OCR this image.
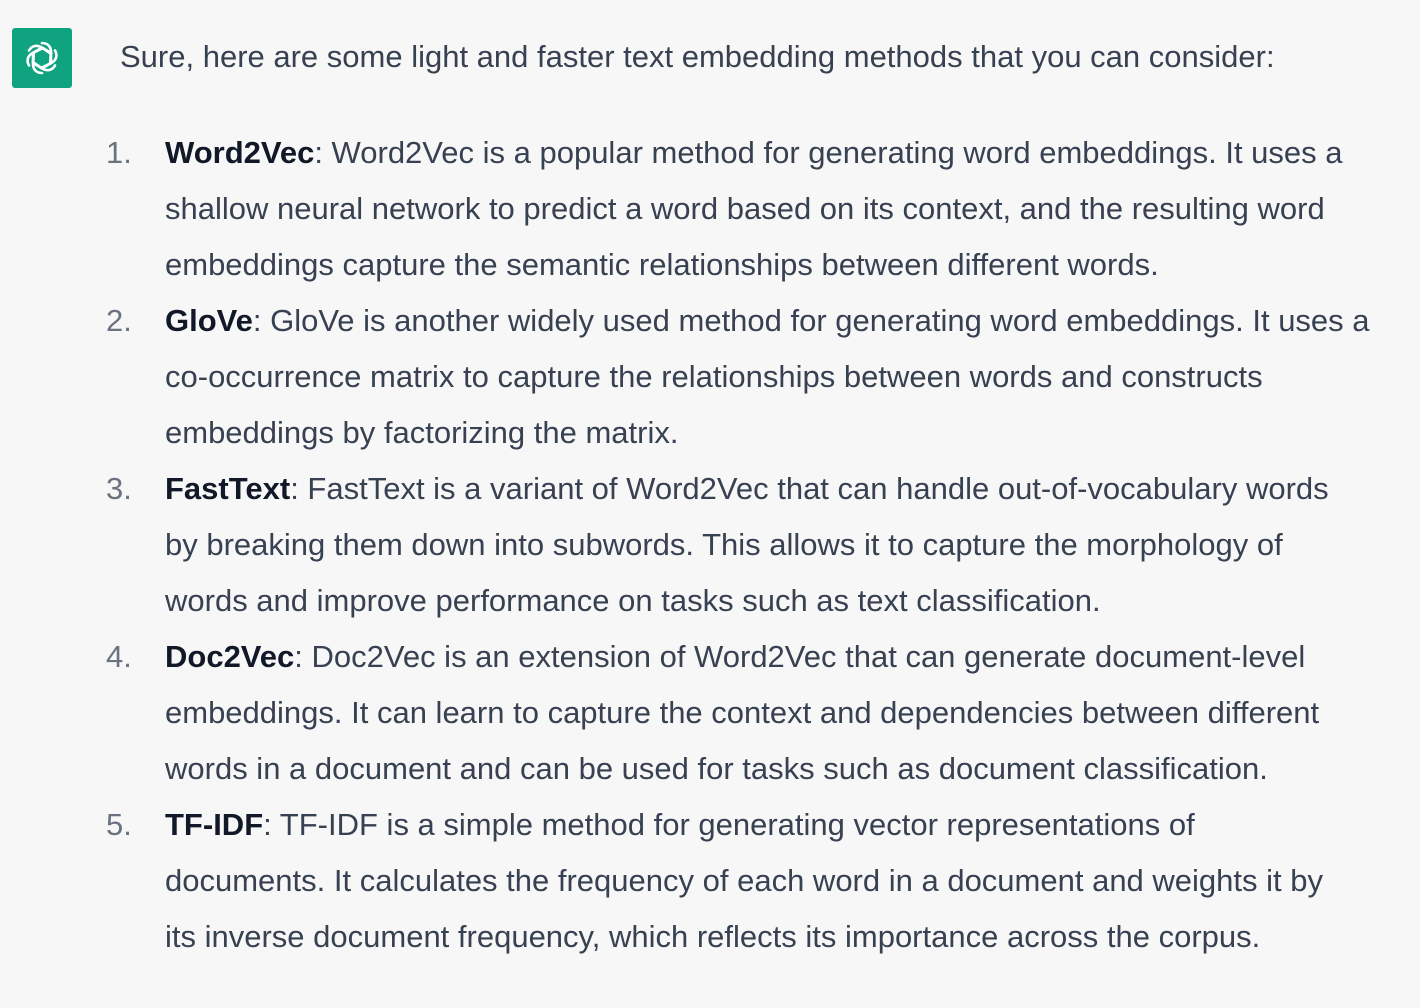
Sure, here are some light and faster text embedding methods that you can consider:

1. Word2Vec: Word2Vec is a popular method for generating word embeddings. It uses a
shallow neural network to predict a word based on its context, and the resulting word
embeddings capture the semantic relationships between different words.
2. GloVe: GloVe is another widely used method for generating word embeddings. It uses a
co-occurrence matrix to capture the relationships between words and constructs
embeddings by factorizing the matrix.
3. FastText: FastText is a variant of Word2Vec that can handle out-of-vocabulary words
by breaking them down into subwords. This allows it to capture the morphology of
words and improve performance on tasks such as text classification.
4. Doc2Vec: Doc2Vec is an extension of Word2Vec that can generate document-level
embeddings. It can learn to capture the context and dependencies between different
words in a document and can be used for tasks such as document classification.
5. TF-IDF: TF-IDF is a simple method for generating vector representations of
documents. It calculates the frequency of each word in a document and weights it by
its inverse document frequency, which reflects its importance across the corpus.
